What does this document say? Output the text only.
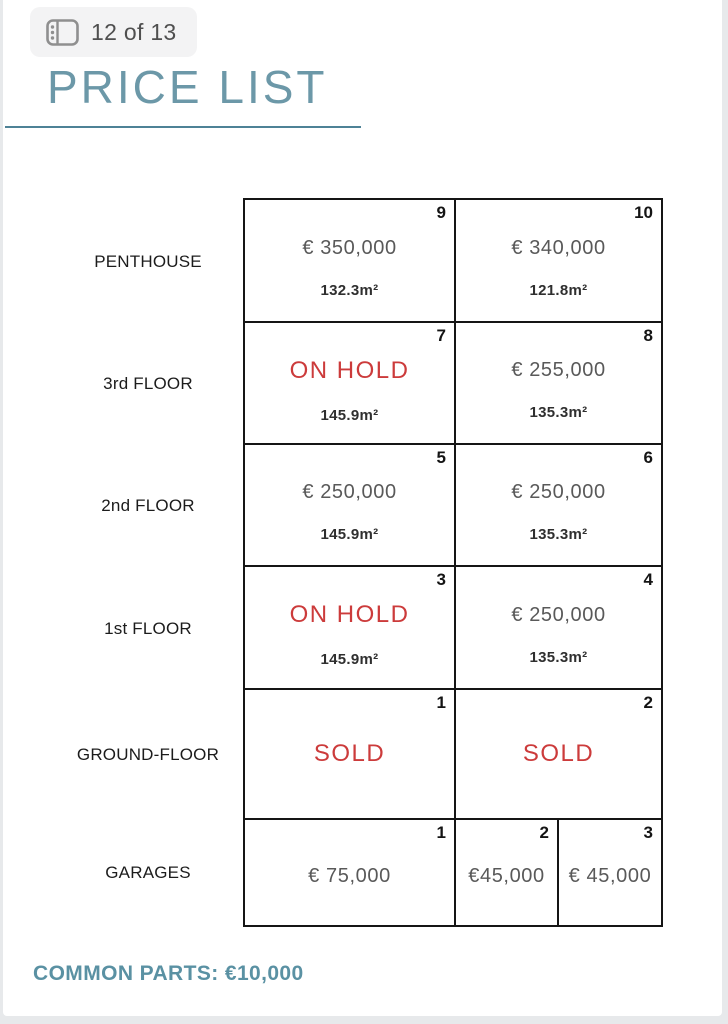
12 of 13
PRICE LIST
PENTHOUSE
3rd FLOOR
2nd FLOOR
1st FLOOR
GROUND-FLOOR
GARAGES
9
€ 350,000
132.3m²
10
€ 340,000
121.8m²
7
ON HOLD
145.9m²
8
€ 255,000
135.3m²
5
€ 250,000
145.9m²
6
€ 250,000
135.3m²
3
ON HOLD
145.9m²
4
€ 250,000
135.3m²
1
SOLD
2
SOLD
1
€ 75,000
2
€45,000
3
€ 45,000
COMMON PARTS: €10,000
